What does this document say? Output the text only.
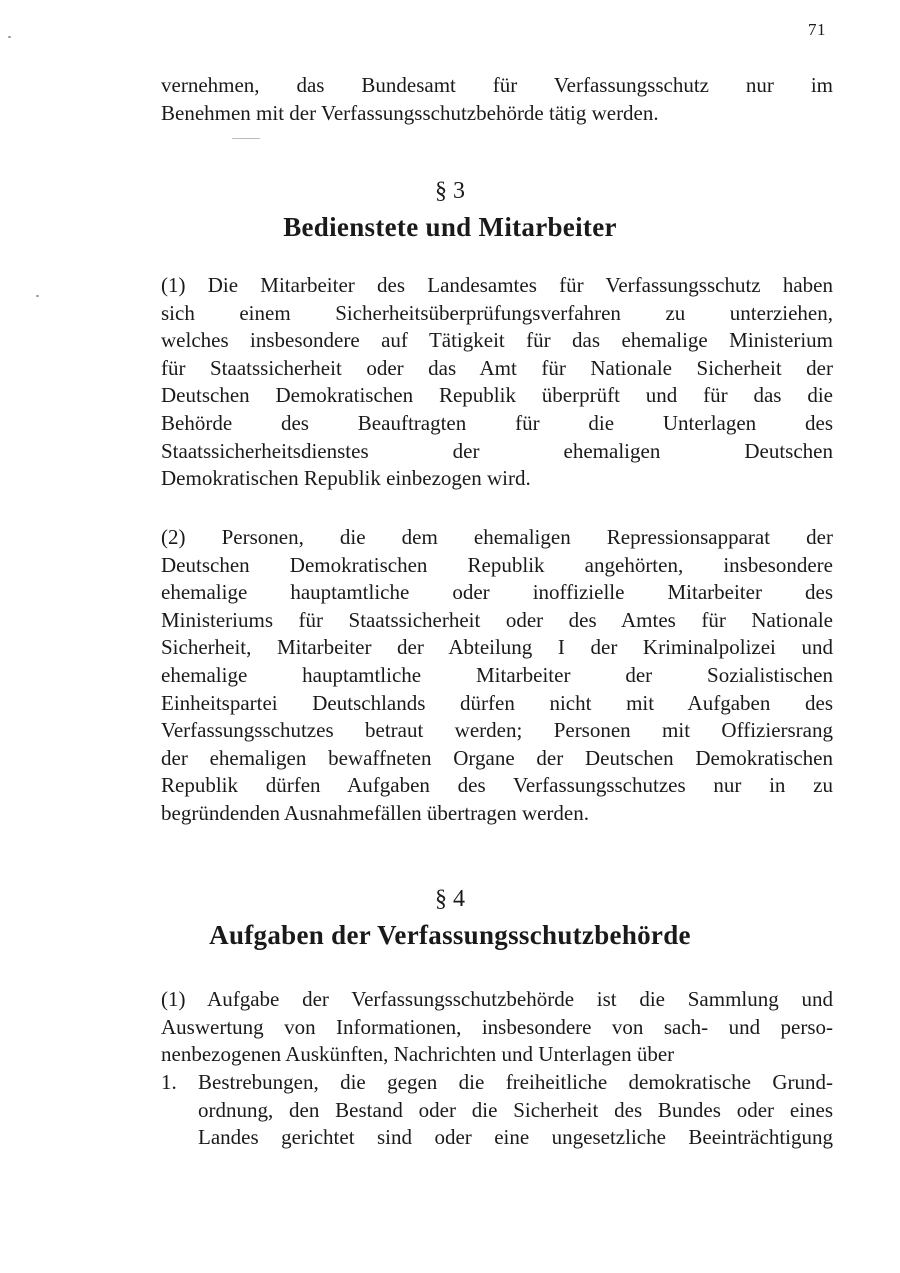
71
vernehmen, das Bundesamt für Verfassungsschutz nur im
Benehmen mit der Verfassungsschutzbehörde tätig werden.
§ 3
Bedienstete und Mitarbeiter
(1) Die Mitarbeiter des Landesamtes für Verfassungsschutz haben
sich einem Sicherheitsüberprüfungsverfahren zu unterziehen,
welches insbesondere auf Tätigkeit für das ehemalige Ministerium
für Staatssicherheit oder das Amt für Nationale Sicherheit der
Deutschen Demokratischen Republik überprüft und für das die
Behörde des Beauftragten für die Unterlagen des
Staatssicherheitsdienstes der ehemaligen Deutschen
Demokratischen Republik einbezogen wird.
(2) Personen, die dem ehemaligen Repressionsapparat der
Deutschen Demokratischen Republik angehörten, insbesondere
ehemalige hauptamtliche oder inoffizielle Mitarbeiter des
Ministeriums für Staatssicherheit oder des Amtes für Nationale
Sicherheit, Mitarbeiter der Abteilung I der Kriminalpolizei und
ehemalige hauptamtliche Mitarbeiter der Sozialistischen
Einheitspartei Deutschlands dürfen nicht mit Aufgaben des
Verfassungsschutzes betraut werden; Personen mit Offiziersrang
der ehemaligen bewaffneten Organe der Deutschen Demokratischen
Republik dürfen Aufgaben des Verfassungsschutzes nur in zu
begründenden Ausnahmefällen übertragen werden.
§ 4
Aufgaben der Verfassungsschutzbehörde
(1) Aufgabe der Verfassungsschutzbehörde ist die Sammlung und
Auswertung von Informationen, insbesondere von sach- und perso-
nenbezogenen Auskünften, Nachrichten und Unterlagen über
1. Bestrebungen, die gegen die freiheitliche demokratische Grund-
ordnung, den Bestand oder die Sicherheit des Bundes oder eines
Landes gerichtet sind oder eine ungesetzliche Beeinträchtigung
